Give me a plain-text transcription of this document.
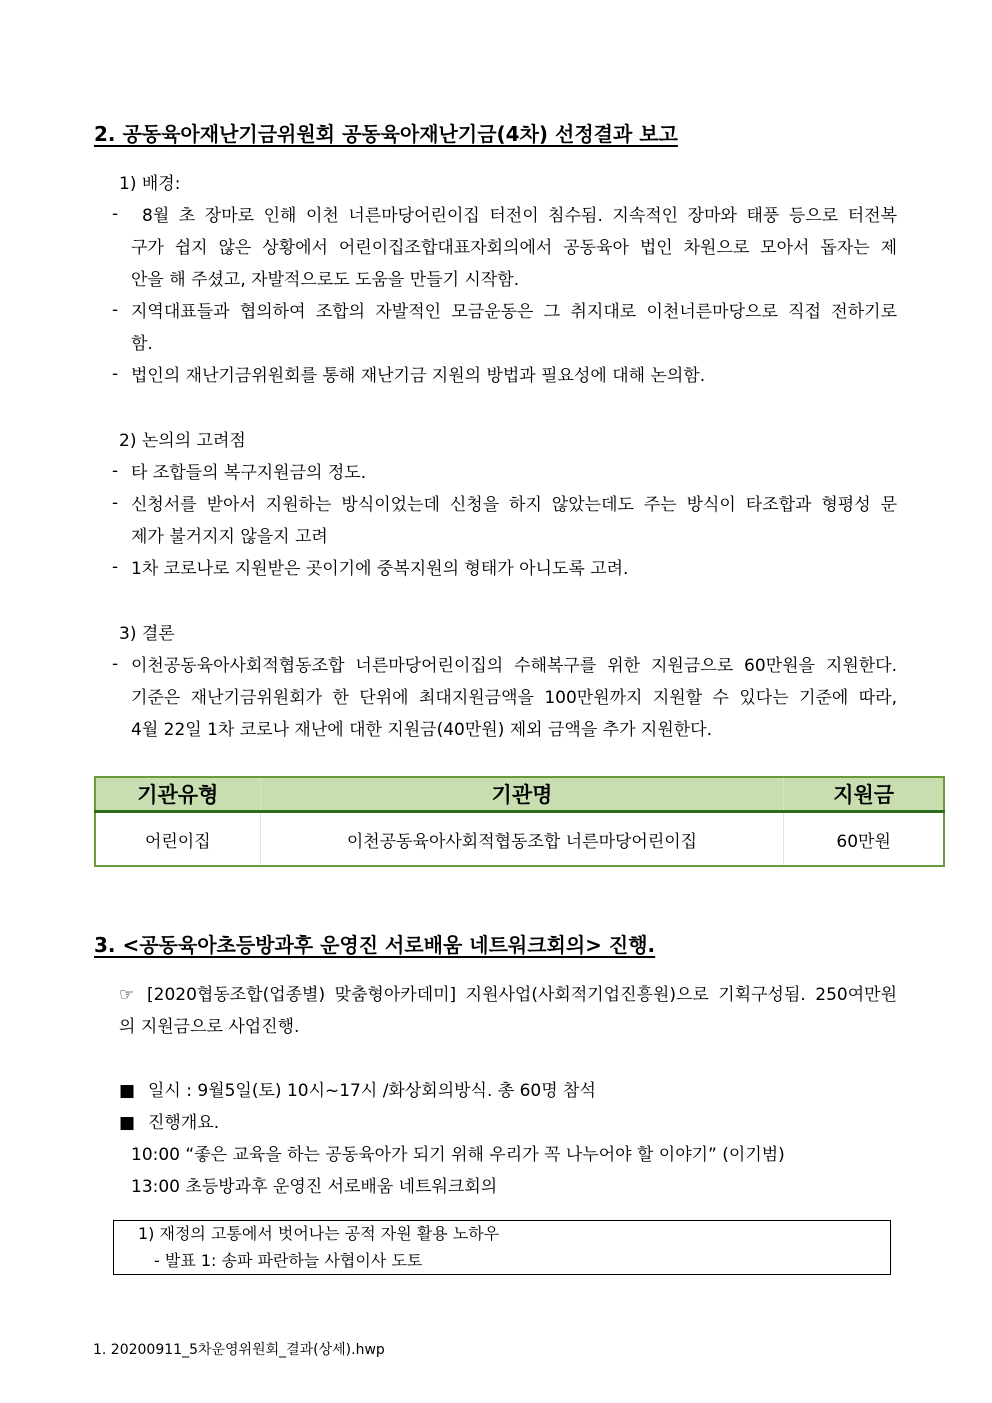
2. 공동육아재난기금위원회 공동육아재난기금(4차) 선정결과 보고
1) 배경:
- 8월 초 장마로 인해 이천 너른마당어린이집 터전이 침수됨. 지속적인 장마와 태풍 등으로 터전복
구가 쉽지 않은 상황에서 어린이집조합대표자회의에서 공동육아 법인 차원으로 모아서 돕자는 제
안을 해 주셨고, 자발적으로도 도움을 만들기 시작함.
- 지역대표들과 협의하여 조합의 자발적인 모금운동은 그 취지대로 이천너른마당으로 직접 전하기로
함.
- 법인의 재난기금위원회를 통해 재난기금 지원의 방법과 필요성에 대해 논의함.
2) 논의의 고려점
- 타 조합들의 복구지원금의 정도.
- 신청서를 받아서 지원하는 방식이었는데 신청을 하지 않았는데도 주는 방식이 타조합과 형평성 문
제가 불거지지 않을지 고려
- 1차 코로나로 지원받은 곳이기에 중복지원의 형태가 아니도록 고려.
3) 결론
- 이천공동육아사회적협동조합 너른마당어린이집의 수해복구를 위한 지원금으로 60만원을 지원한다.
기준은 재난기금위원회가 한 단위에 최대지원금액을 100만원까지 지원할 수 있다는 기준에 따라,
4월 22일 1차 코로나 재난에 대한 지원금(40만원) 제외 금액을 추가 지원한다.
기관유형	기관명	지원금
어린이집	이천공동육아사회적협동조합 너른마당어린이집	60만원
3. <공동육아초등방과후 운영진 서로배움 네트워크회의> 진행.
☞ [2020협동조합(업종별) 맞춤형아카데미] 지원사업(사회적기업진흥원)으로 기획구성됨. 250여만원
의 지원금으로 사업진행.
■ 일시 : 9월5일(토) 10시~17시 /화상회의방식. 총 60명 참석
■ 진행개요.
10:00 “좋은 교육을 하는 공동육아가 되기 위해 우리가 꼭 나누어야 할 이야기” (이기범)
13:00 초등방과후 운영진 서로배움 네트워크회의
1) 재정의 고통에서 벗어나는 공적 자원 활용 노하우
- 발표 1: 송파 파란하늘 사협이사 도토
1. 20200911_5차운영위원회_결과(상세).hwp
